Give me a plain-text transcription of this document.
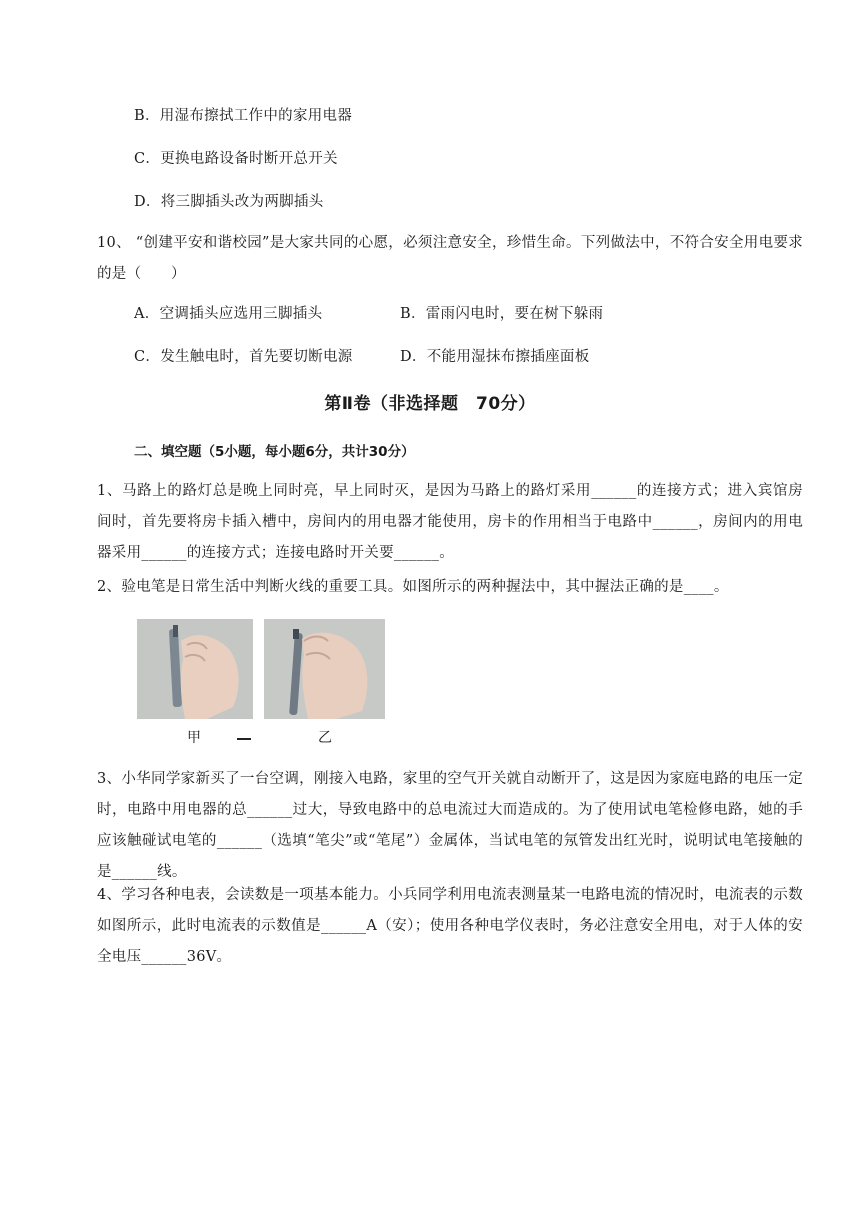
B．用湿布擦拭工作中的家用电器
C．更换电路设备时断开总开关
D．将三脚插头改为两脚插头
10、 “创建平安和谐校园”是大家共同的心愿，必须注意安全，珍惜生命。下列做法中，不符合安全用电要求的是（　　）
A．空调插头应选用三脚插头	B．雷雨闪电时，要在树下躲雨
C．发生触电时，首先要切断电源	D．不能用湿抹布擦插座面板
第Ⅱ卷（非选择题　70分）
二、填空题（5小题，每小题6分，共计30分）
1、马路上的路灯总是晚上同时亮，早上同时灭，是因为马路上的路灯采用______的连接方式；进入宾馆房间时，首先要将房卡插入槽中，房间内的用电器才能使用，房卡的作用相当于电路中______，房间内的用电器采用______的连接方式；连接电路时开关要______。
2、验电笔是日常生活中判断火线的重要工具。如图所示的两种握法中，其中握法正确的是____。
甲	乙
3、小华同学家新买了一台空调，刚接入电路，家里的空气开关就自动断开了，这是因为家庭电路的电压一定时，电路中用电器的总______过大，导致电路中的总电流过大而造成的。为了使用试电笔检修电路，她的手应该触碰试电笔的______（选填“笔尖”或“笔尾”）金属体，当试电笔的氖管发出红光时，说明试电笔接触的是______线。
4、学习各种电表，会读数是一项基本能力。小兵同学利用电流表测量某一电路电流的情况时，电流表的示数如图所示，此时电流表的示数值是______A（安）；使用各种电学仪表时，务必注意安全用电，对于人体的安全电压______36V。
